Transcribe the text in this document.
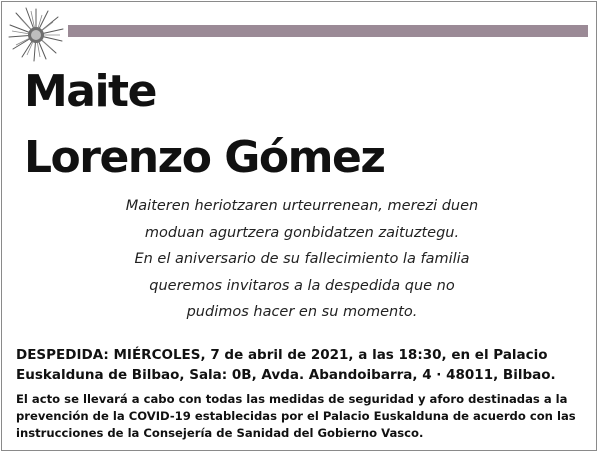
Maite
Lorenzo Gómez
Maiteren heriotzaren urteurrenean, merezi duen
moduan agurtzera gonbidatzen zaituztegu.
En el aniversario de su fallecimiento la familia
queremos invitaros a la despedida que no
pudimos hacer en su momento.
DESPEDIDA: MIÉRCOLES, 7 de abril de 2021, a las 18:30, en el Palacio
Euskalduna de Bilbao, Sala: 0B, Avda. Abandoibarra, 4 · 48011, Bilbao.
El acto se llevará a cabo con todas las medidas de seguridad y aforo destinadas a la
prevención de la COVID-19 establecidas por el Palacio Euskalduna de acuerdo con las
instrucciones de la Consejería de Sanidad del Gobierno Vasco.
